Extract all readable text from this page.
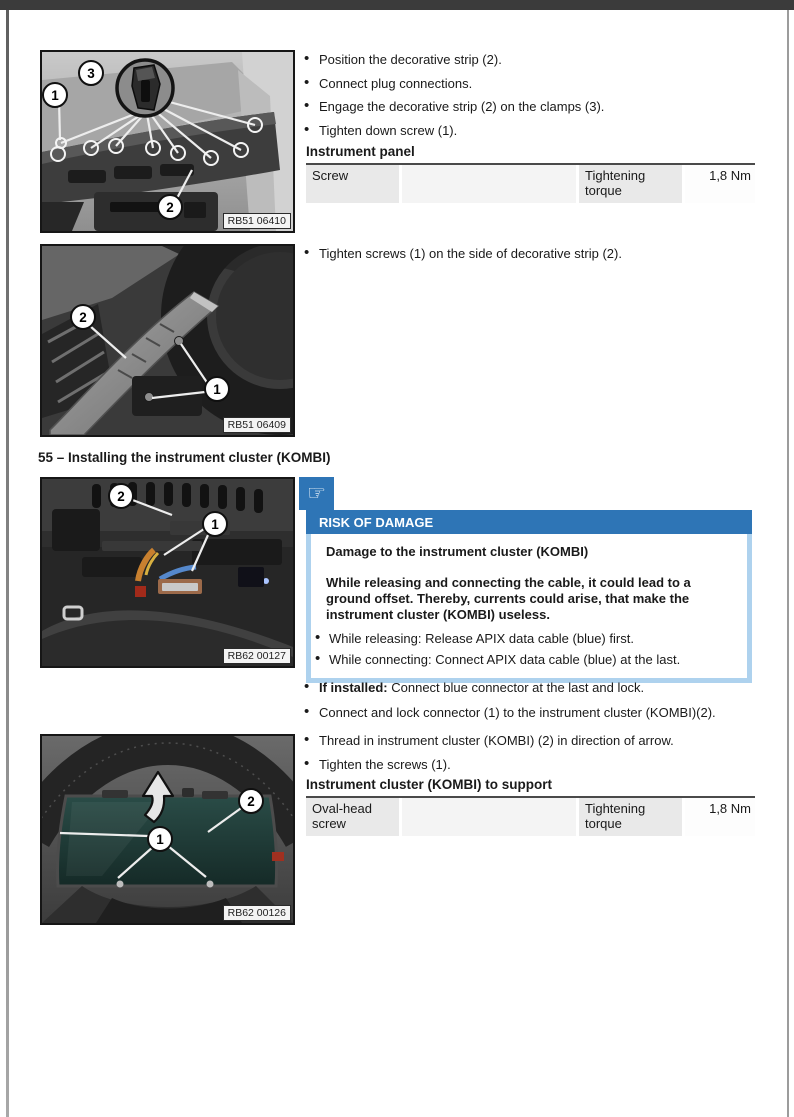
1
2
3
RB51 06410
• Position the decorative strip (2).
• Connect plug connections.
• Engage the decorative strip (2) on the clamps (3).
• Tighten down screw (1).
Instrument panel
Screw	Tightening torque
1,8 Nm
1
2
RB51 06409
• Tighten screws (1) on the side of decorative strip (2).
55 – Installing the instrument cluster (KOMBI)
1
2
RB62 00127
☞
RISK OF DAMAGE
Damage to the instrument cluster (KOMBI)
While releasing and connecting the cable, it could lead to a ground offset. Thereby, currents could arise, that make the instrument cluster (KOMBI) useless.
• While releasing: Release APIX data cable (blue) first.
• While connecting: Connect APIX data cable (blue) at the last.
• If installed: Connect blue connector at the last and lock.
• Connect and lock connector (1) to the instrument cluster (KOMBI)(2).
1
2
RB62 00126
• Thread in instrument cluster (KOMBI) (2) in direction of arrow.
• Tighten the screws (1).
Instrument cluster (KOMBI) to support
Oval-head screw
Tightening torque
1,8 Nm
